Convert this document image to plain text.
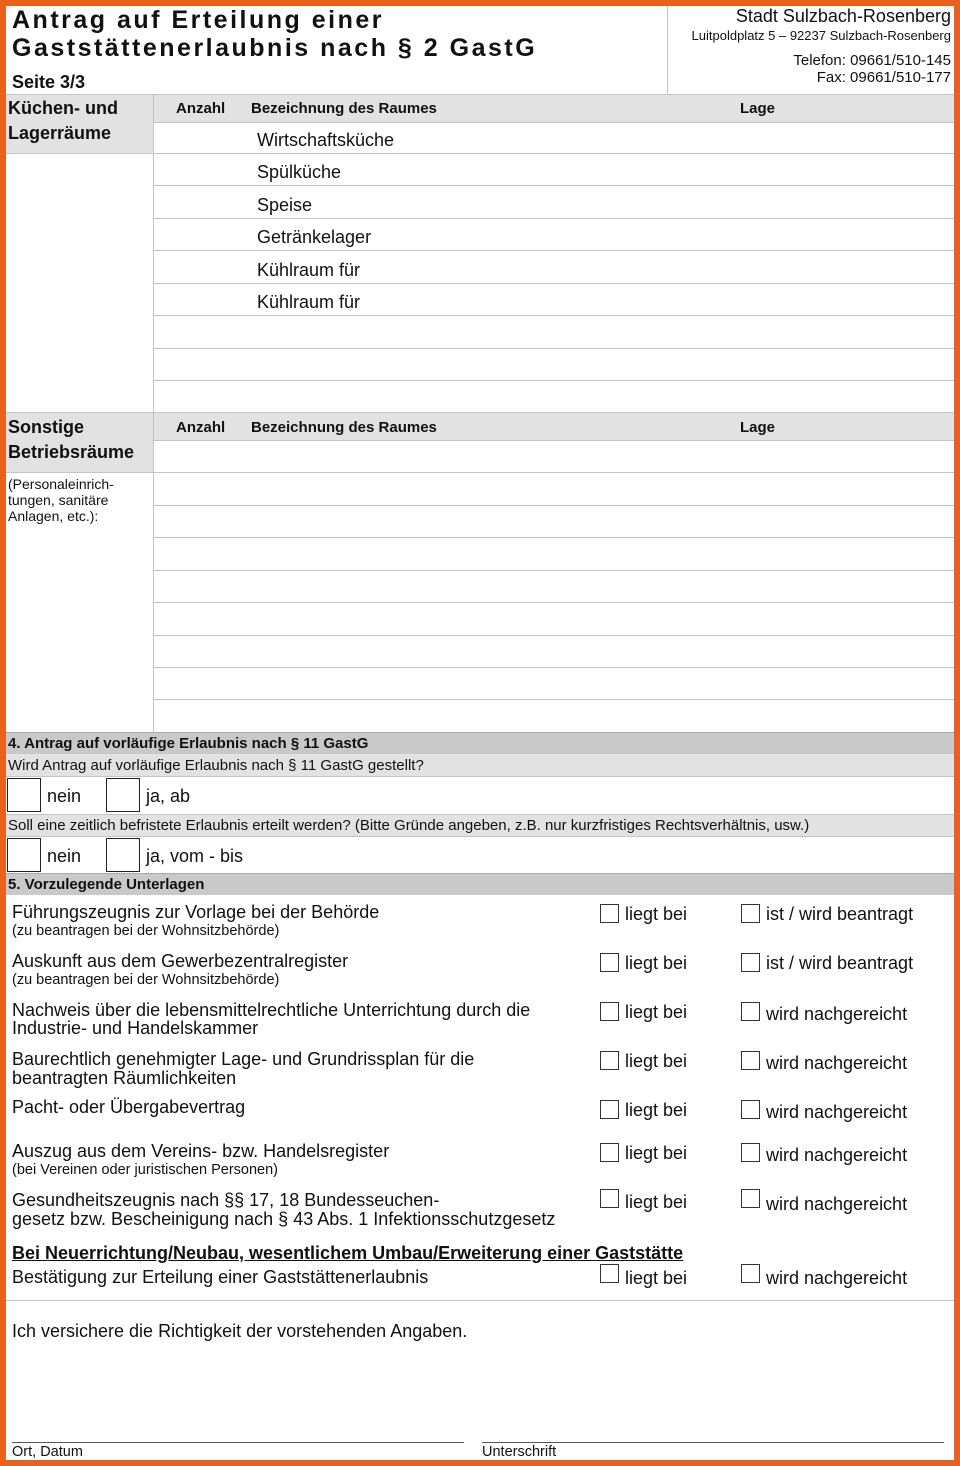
Antrag auf Erteilung einer
Gaststättenerlaubnis nach § 2 GastG
Seite 3/3
Stadt Sulzbach-Rosenberg
Luitpoldplatz 5 – 92237 Sulzbach-Rosenberg
Telefon: 09661/510-145
Fax: 09661/510-177
Küchen- und
Lagerräume
Anzahl Bezeichnung des Raumes	Lage
Wirtschaftsküche
Spülküche
Speise
Getränkelager
Kühlraum für
Kühlraum für
Sonstige
Betriebsräume
Anzahl Bezeichnung des Raumes	Lage
(Personaleinrich-
tungen, sanitäre
Anlagen, etc.):
4. Antrag auf vorläufige Erlaubnis nach § 11 GastG
Wird Antrag auf vorläufige Erlaubnis nach § 11 GastG gestellt?
nein	ja, ab
Soll eine zeitlich befristete Erlaubnis erteilt werden? (Bitte Gründe angeben, z.B. nur kurzfristiges Rechtsverhältnis, usw.)
nein	ja, vom - bis
5. Vorzulegende Unterlagen
Führungszeugnis zur Vorlage bei der Behörde
(zu beantragen bei der Wohnsitzbehörde)
liegt bei	ist / wird beantragt
Auskunft aus dem Gewerbezentralregister
(zu beantragen bei der Wohnsitzbehörde)
liegt bei	ist / wird beantragt
Nachweis über die lebensmittelrechtliche Unterrichtung durch die
Industrie- und Handelskammer
liegt bei	wird nachgereicht
Baurechtlich genehmigter Lage- und Grundrissplan für die
beantragten Räumlichkeiten
liegt bei	wird nachgereicht
Pacht- oder Übergabevertrag	liegt bei	wird nachgereicht
Auszug aus dem Vereins- bzw. Handelsregister
(bei Vereinen oder juristischen Personen)
liegt bei	wird nachgereicht
Gesundheitszeugnis nach §§ 17, 18 Bundesseuchen-
gesetz bzw. Bescheinigung nach § 43 Abs. 1 Infektionsschutzgesetz
liegt bei	wird nachgereicht
Bei Neuerrichtung/Neubau, wesentlichem Umbau/Erweiterung einer Gaststätte
Bestätigung zur Erteilung einer Gaststättenerlaubnis	liegt bei	wird nachgereicht
Ich versichere die Richtigkeit der vorstehenden Angaben.
Ort, Datum	Unterschrift
